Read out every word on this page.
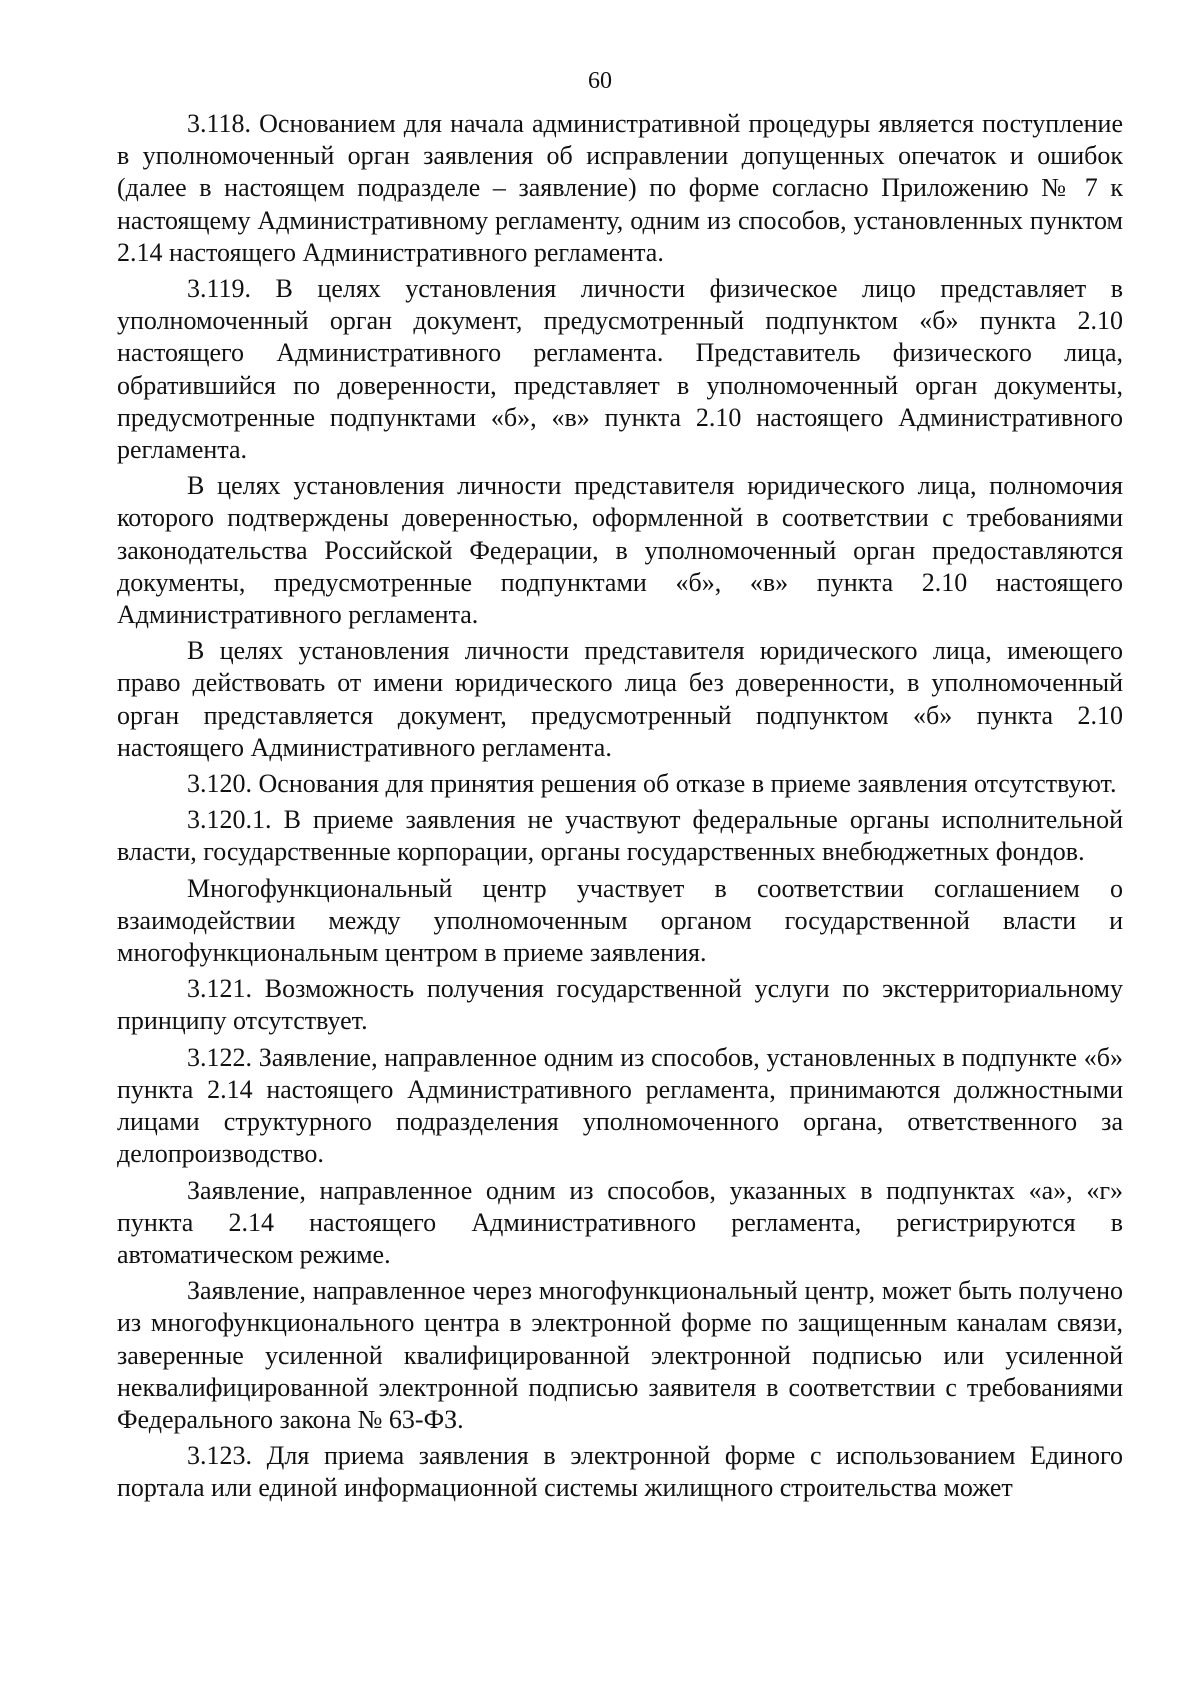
60

3.118. Основанием для начала административной процедуры является поступление в уполномоченный орган заявления об исправлении допущенных опечаток и ошибок (далее в настоящем подразделе – заявление) по форме согласно Приложению № 7 к настоящему Административному регламенту, одним из способов, установленных пунктом 2.14 настоящего Административного регламента.

3.119. В целях установления личности физическое лицо представляет в уполномоченный орган документ, предусмотренный подпунктом «б» пункта 2.10 настоящего Административного регламента. Представитель физического лица, обратившийся по доверенности, представляет в уполномоченный орган документы, предусмотренные подпунктами «б», «в» пункта 2.10 настоящего Административного регламента.

В целях установления личности представителя юридического лица, полномочия которого подтверждены доверенностью, оформленной в соответствии с требованиями законодательства Российской Федерации, в уполномоченный орган предоставляются документы, предусмотренные подпунктами «б», «в» пункта 2.10 настоящего Административного регламента.

В целях установления личности представителя юридического лица, имеющего право действовать от имени юридического лица без доверенности, в уполномоченный орган представляется документ, предусмотренный подпунктом «б» пункта 2.10 настоящего Административного регламента.

3.120. Основания для принятия решения об отказе в приеме заявления отсутствуют.

3.120.1. В приеме заявления не участвуют федеральные органы исполнительной власти, государственные корпорации, органы государственных внебюджетных фондов.

Многофункциональный центр участвует в соответствии соглашением о взаимодействии между уполномоченным органом государственной власти и многофункциональным центром в приеме заявления.

3.121. Возможность получения государственной услуги по экстерриториальному принципу отсутствует.

3.122. Заявление, направленное одним из способов, установленных в подпункте «б» пункта 2.14 настоящего Административного регламента, принимаются должностными лицами структурного подразделения уполномоченного органа, ответственного за делопроизводство.

Заявление, направленное одним из способов, указанных в подпунктах «а», «г» пункта 2.14 настоящего Административного регламента, регистрируются в автоматическом режиме.

Заявление, направленное через многофункциональный центр, может быть получено из многофункционального центра в электронной форме по защищенным каналам связи, заверенные усиленной квалифицированной электронной подписью или усиленной неквалифицированной электронной подписью заявителя в соответствии с требованиями Федерального закона № 63-ФЗ.

3.123. Для приема заявления в электронной форме с использованием Единого портала или единой информационной системы жилищного строительства может
